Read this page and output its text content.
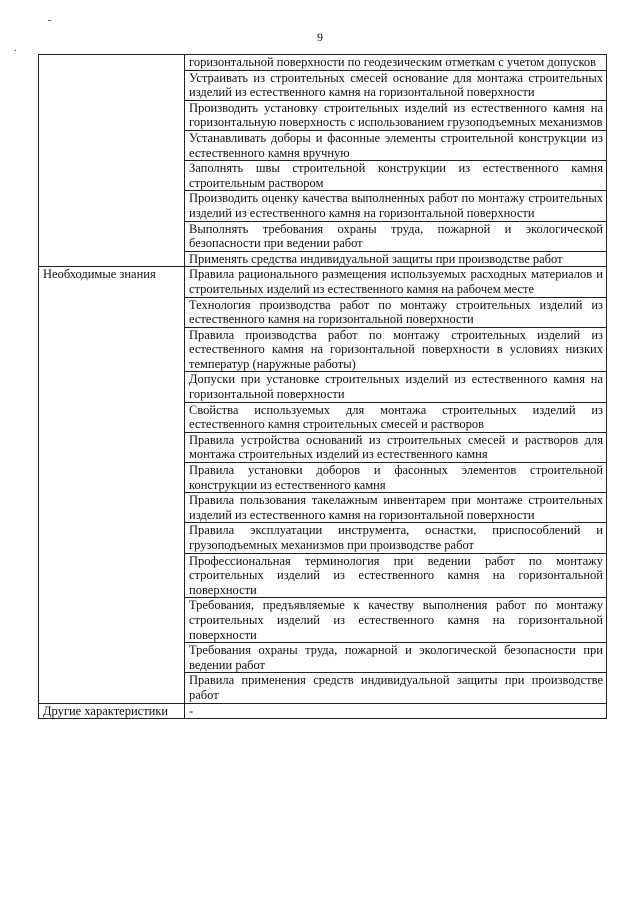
-
.
9
	горизонтальной поверхности по геодезическим отметкам с учетом допусков
	Устраивать из строительных смесей основание для монтажа строительных изделий из естественного камня на горизонтальной поверхности
	Производить установку строительных изделий из естественного камня на горизонтальную поверхность с использованием грузоподъемных механизмов
	Устанавливать доборы и фасонные элементы строительной конструкции из естественного камня вручную
	Заполнять швы строительной конструкции из естественного камня строительным раствором
	Производить оценку качества выполненных работ по монтажу строительных изделий из естественного камня на горизонтальной поверхности
	Выполнять требования охраны труда, пожарной и экологической безопасности при ведении работ
	Применять средства индивидуальной защиты при производстве работ
Необходимые знания	Правила рационального размещения используемых расходных материалов и строительных изделий из естественного камня на рабочем месте
	Технология производства работ по монтажу строительных изделий из естественного камня на горизонтальной поверхности
	Правила производства работ по монтажу строительных изделий из естественного камня на горизонтальной поверхности в условиях низких температур (наружные работы)
	Допуски при установке строительных изделий из естественного камня на горизонтальной поверхности
	Свойства используемых для монтажа строительных изделий из естественного камня строительных смесей и растворов
	Правила устройства оснований из строительных смесей и растворов для монтажа строительных изделий из естественного камня
	Правила установки доборов и фасонных элементов строительной конструкции из естественного камня
	Правила пользования такелажным инвентарем при монтаже строительных изделий из естественного камня на горизонтальной поверхности
	Правила эксплуатации инструмента, оснастки, приспособлений и грузоподъемных механизмов при производстве работ
	Профессиональная терминология при ведении работ по монтажу строительных изделий из естественного камня на горизонтальной поверхности
	Требования, предъявляемые к качеству выполнения работ по монтажу строительных изделий из естественного камня на горизонтальной поверхности
	Требования охраны труда, пожарной и экологической безопасности при ведении работ
	Правила применения средств индивидуальной защиты при производстве работ
Другие характеристики	-
